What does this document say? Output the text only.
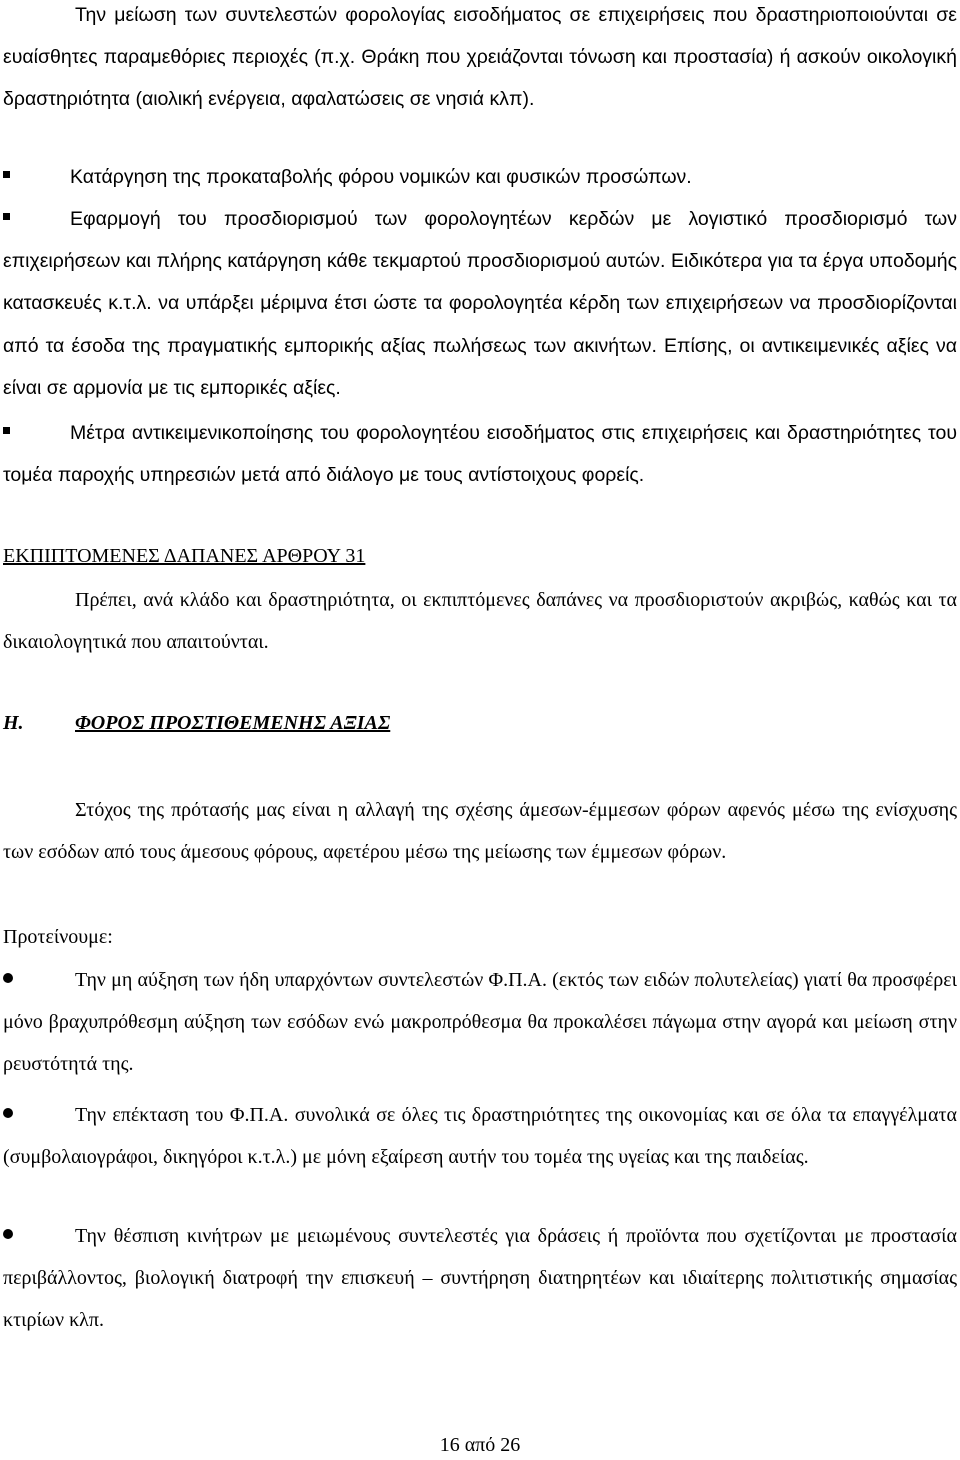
Την μείωση των συντελεστών φορολογίας εισοδήματος σε επιχειρήσεις που δραστηριοποιούνται σε ευαίσθητες παραμεθόριες περιοχές (π.χ. Θράκη που χρειάζονται τόνωση και προστασία) ή ασκούν οικολογική δραστηριότητα (αιολική ενέργεια, αφαλατώσεις σε νησιά κλπ).

Κατάργηση της προκαταβολής φόρου νομικών και φυσικών προσώπων.

Εφαρμογή του προσδιορισμού των φορολογητέων κερδών με λογιστικό προσδιορισμό των επιχειρήσεων και πλήρης κατάργηση κάθε τεκμαρτού προσδιορισμού αυτών. Ειδικότερα για τα έργα υποδομής κατασκευές κ.τ.λ. να υπάρξει μέριμνα έτσι ώστε τα φορολογητέα κέρδη των επιχειρήσεων να προσδιορίζονται από τα έσοδα της πραγματικής εμπορικής αξίας πωλήσεως των ακινήτων. Επίσης, οι αντικειμενικές αξίες να είναι σε αρμονία με τις εμπορικές αξίες.

Μέτρα αντικειμενικοποίησης του φορολογητέου εισοδήματος στις επιχειρήσεις και δραστηριότητες του τομέα παροχής υπηρεσιών μετά από διάλογο με τους αντίστοιχους φορείς.

ΕΚΠΙΠΤΟΜΕΝΕΣ ΔΑΠΑΝΕΣ ΑΡΘΡΟΥ 31

Πρέπει, ανά κλάδο και δραστηριότητα, οι εκπιπτόμενες δαπάνες να προσδιοριστούν ακριβώς, καθώς και τα δικαιολογητικά που απαιτούνται.

Η.	ΦΟΡΟΣ ΠΡΟΣΤΙΘΕΜΕΝΗΣ ΑΞΙΑΣ

Στόχος της πρότασής μας είναι η αλλαγή της σχέσης άμεσων-έμμεσων φόρων αφενός μέσω της ενίσχυσης των εσόδων από τους άμεσους φόρους, αφετέρου μέσω της μείωσης των έμμεσων φόρων.

Προτείνουμε:

Την μη αύξηση των ήδη υπαρχόντων συντελεστών Φ.Π.Α. (εκτός των ειδών πολυτελείας) γιατί θα προσφέρει μόνο βραχυπρόθεσμη αύξηση των εσόδων ενώ μακροπρόθεσμα θα προκαλέσει πάγωμα στην αγορά και μείωση στην ρευστότητά της.

Την επέκταση του Φ.Π.Α. συνολικά σε όλες τις δραστηριότητες της οικονομίας και σε όλα τα επαγγέλματα (συμβολαιογράφοι, δικηγόροι κ.τ.λ.) με μόνη εξαίρεση αυτήν του τομέα της υγείας και της παιδείας.

Την θέσπιση κινήτρων με μειωμένους συντελεστές για δράσεις ή προϊόντα που σχετίζονται με προστασία περιβάλλοντος, βιολογική διατροφή την επισκευή – συντήρηση διατηρητέων και ιδιαίτερης πολιτιστικής σημασίας κτιρίων κλπ.

16 από 26
